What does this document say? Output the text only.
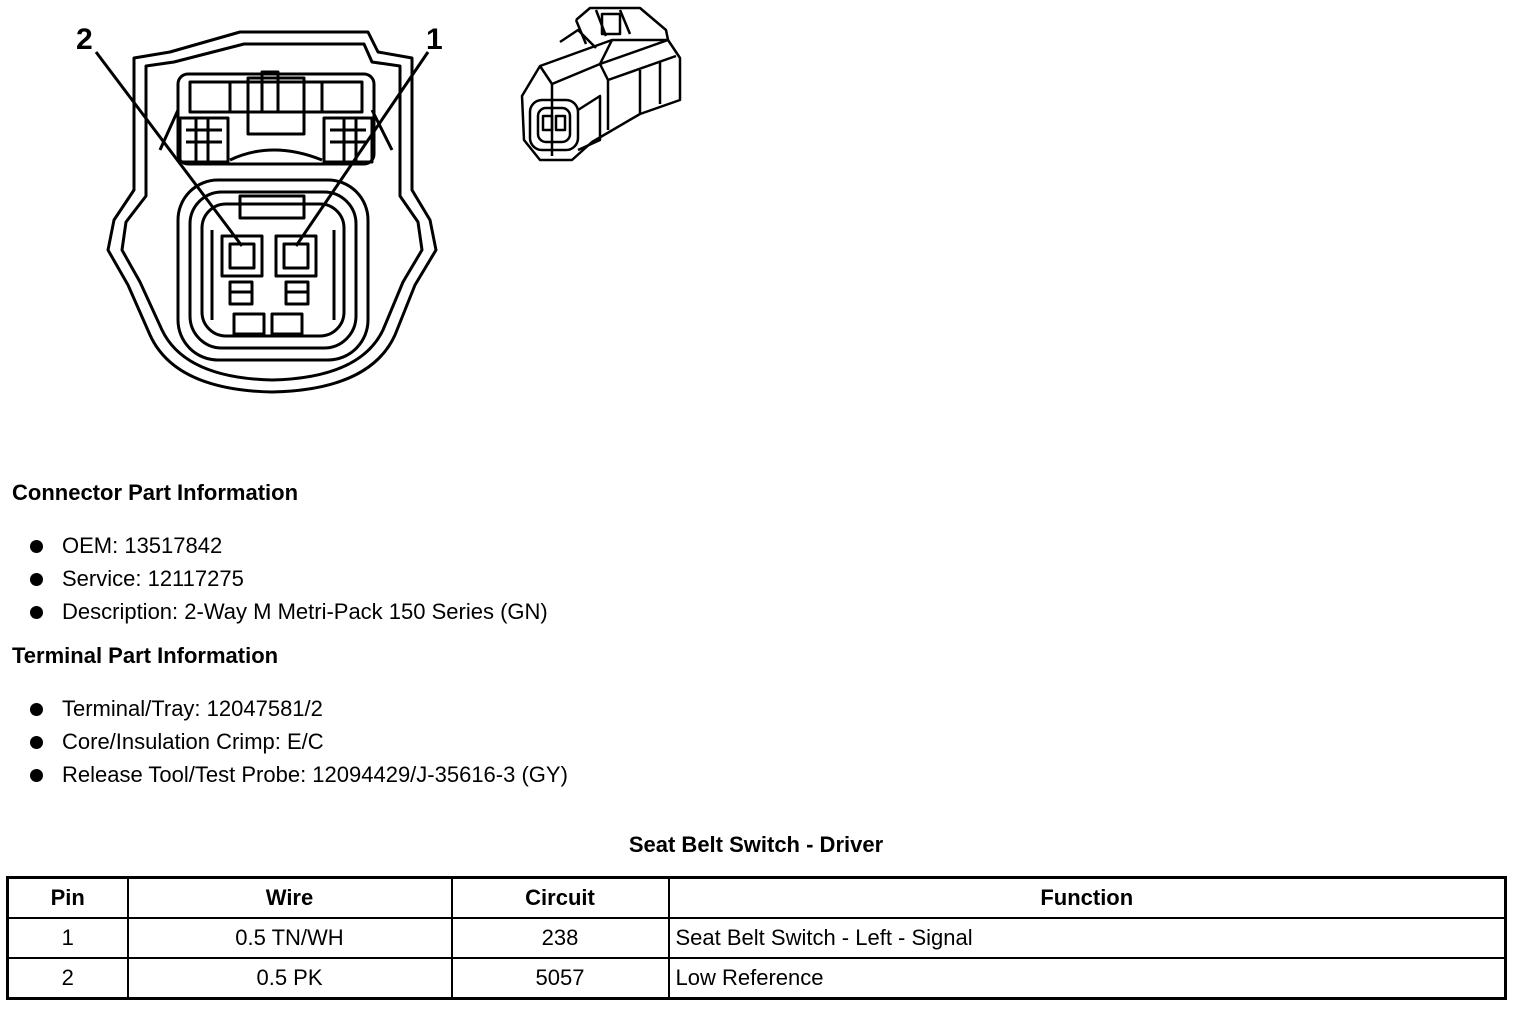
2	1
Connector Part Information
OEM: 13517842
Service: 12117275
Description: 2-Way M Metri-Pack 150 Series (GN)
Terminal Part Information
Terminal/Tray: 12047581/2
Core/Insulation Crimp: E/C
Release Tool/Test Probe: 12094429/J-35616-3 (GY)
Seat Belt Switch - Driver
Pin	Wire	Circuit	Function
1	0.5 TN/WH	238	Seat Belt Switch - Left - Signal
2	0.5 PK	5057	Low Reference
